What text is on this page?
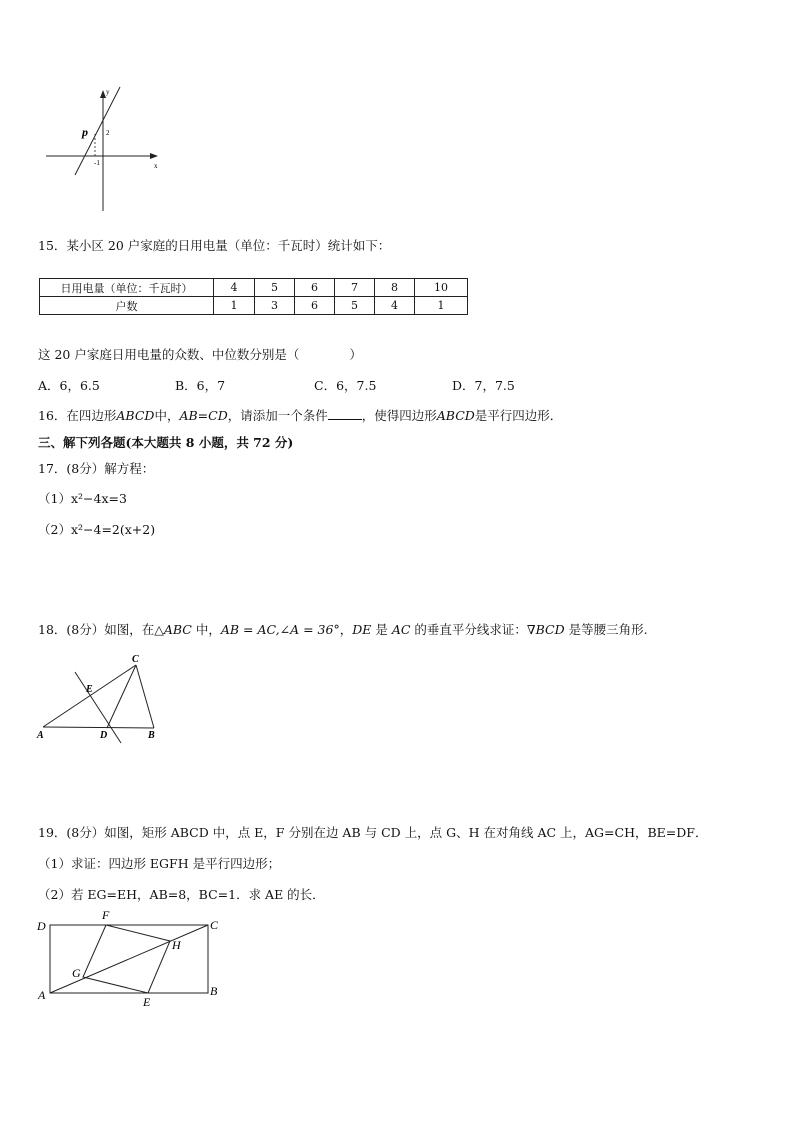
y
x
p	2
-1
15．某小区 20 户家庭的日用电量（单位：千瓦时）统计如下：
日用电量（单位：千瓦时）	4	5	6	7	8	10
户数	1	3	6	5	4	1
这 20 户家庭日用电量的众数、中位数分别是（　　　　）
A．6，6.5	B．6，7	C．6，7.5	D．7，7.5
16．在四边形ABCD中，AB=CD，请添加一个条件	，使得四边形ABCD是平行四边形．
三、解下列各题(本大题共 8 小题，共 72 分)
17．(8分）解方程：
（1）x²−4x=3
（2）x²−4=2(x+2)
18．(8分）如图，在△ABC 中，AB = AC,∠A = 36°，DE 是 AC 的垂直平分线求证：∇BCD 是等腰三角形.
A	B
C
D
E
19．(8分）如图，矩形 ABCD 中，点 E，F 分别在边 AB 与 CD 上，点 G、H 在对角线 AC 上，AG=CH，BE=DF．
（1）求证：四边形 EGFH 是平行四边形；
（2）若 EG=EH，AB=8，BC=1．求 AE 的长．
D	C
A	B
E
F
G
H
